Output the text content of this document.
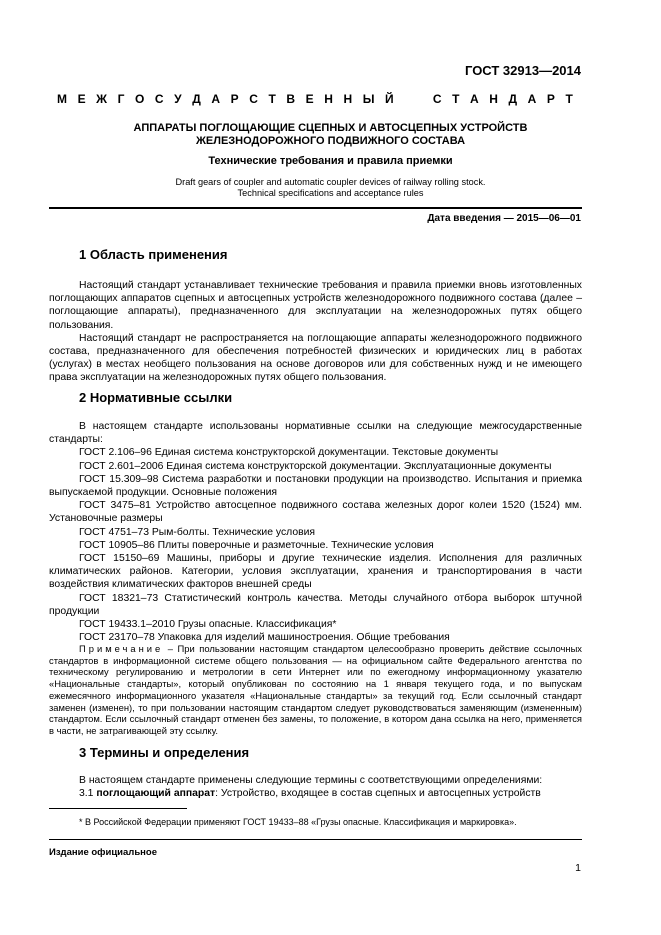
ГОСТ 32913—2014
М Е Ж Г О С У Д А Р С Т В Е Н Н Ы Й	С Т А Н Д А Р Т
АППАРАТЫ ПОГЛОЩАЮЩИЕ СЦЕПНЫХ И АВТОСЦЕПНЫХ УСТРОЙСТВ
ЖЕЛЕЗНОДОРОЖНОГО ПОДВИЖНОГО СОСТАВА
Технические требования и правила приемки
Draft gears of coupler and automatic coupler devices of railway rolling stock.
Technical specifications and acceptance rules
Дата введения — 2015—06—01
1 Область применения

Настоящий стандарт устанавливает технические требования и правила приемки вновь изготовленных поглощающих аппаратов сцепных и автосцепных устройств железнодорожного подвижного состава (далее – поглощающие аппараты), предназначенного для эксплуатации на железнодорожных путях общего пользования.

Настоящий стандарт не распространяется на поглощающие аппараты железнодорожного подвижного состава, предназначенного для обеспечения потребностей физических и юридических лиц в работах (услугах) в местах необщего пользования на основе договоров или для собственных нужд и не имеющего права эксплуатации на железнодорожных путях общего пользования.

2 Нормативные ссылки

В настоящем стандарте использованы нормативные ссылки на следующие межгосударственные стандарты:

ГОСТ 2.106–96 Единая система конструкторской документации. Текстовые документы

ГОСТ 2.601–2006 Единая система конструкторской документации. Эксплуатационные документы

ГОСТ 15.309–98 Система разработки и постановки продукции на производство. Испытания и приемка выпускаемой продукции. Основные положения

ГОСТ 3475–81 Устройство автосцепное подвижного состава железных дорог колеи 1520 (1524) мм. Установочные размеры

ГОСТ 4751–73 Рым-болты. Технические условия

ГОСТ 10905–86 Плиты поверочные и разметочные. Технические условия

ГОСТ 15150–69 Машины, приборы и другие технические изделия. Исполнения для различных климатических районов. Категории, условия эксплуатации, хранения и транспортирования в части воздействия климатических факторов внешней среды

ГОСТ 18321–73 Статистический контроль качества. Методы случайного отбора выборок штучной продукции

ГОСТ 19433.1–2010 Грузы опасные. Классификация*

ГОСТ 23170–78 Упаковка для изделий машиностроения. Общие требования

Примечание – При пользовании настоящим стандартом целесообразно проверить действие ссылочных стандартов в информационной системе общего пользования — на официальном сайте Федерального агентства по техническому регулированию и метрологии в сети Интернет или по ежегодному информационному указателю «Национальные стандарты», который опубликован по состоянию на 1 января текущего года, и по выпускам ежемесячного информационного указателя «Национальные стандарты» за текущий год. Если ссылочный стандарт заменен (изменен), то при пользовании настоящим стандартом следует руководствоваться заменяющим (измененным) стандартом. Если ссылочный стандарт отменен без замены, то положение, в котором дана ссылка на него, применяется в части, не затрагивающей эту ссылку.
3 Термины и определения

В настоящем стандарте применены следующие термины с соответствующими определениями:

3.1 поглощающий аппарат: Устройство, входящее в состав сцепных и автосцепных устройств

* В Российской Федерации применяют ГОСТ 19433–88 «Грузы опасные. Классификация и маркировка».
Издание официальное
1
